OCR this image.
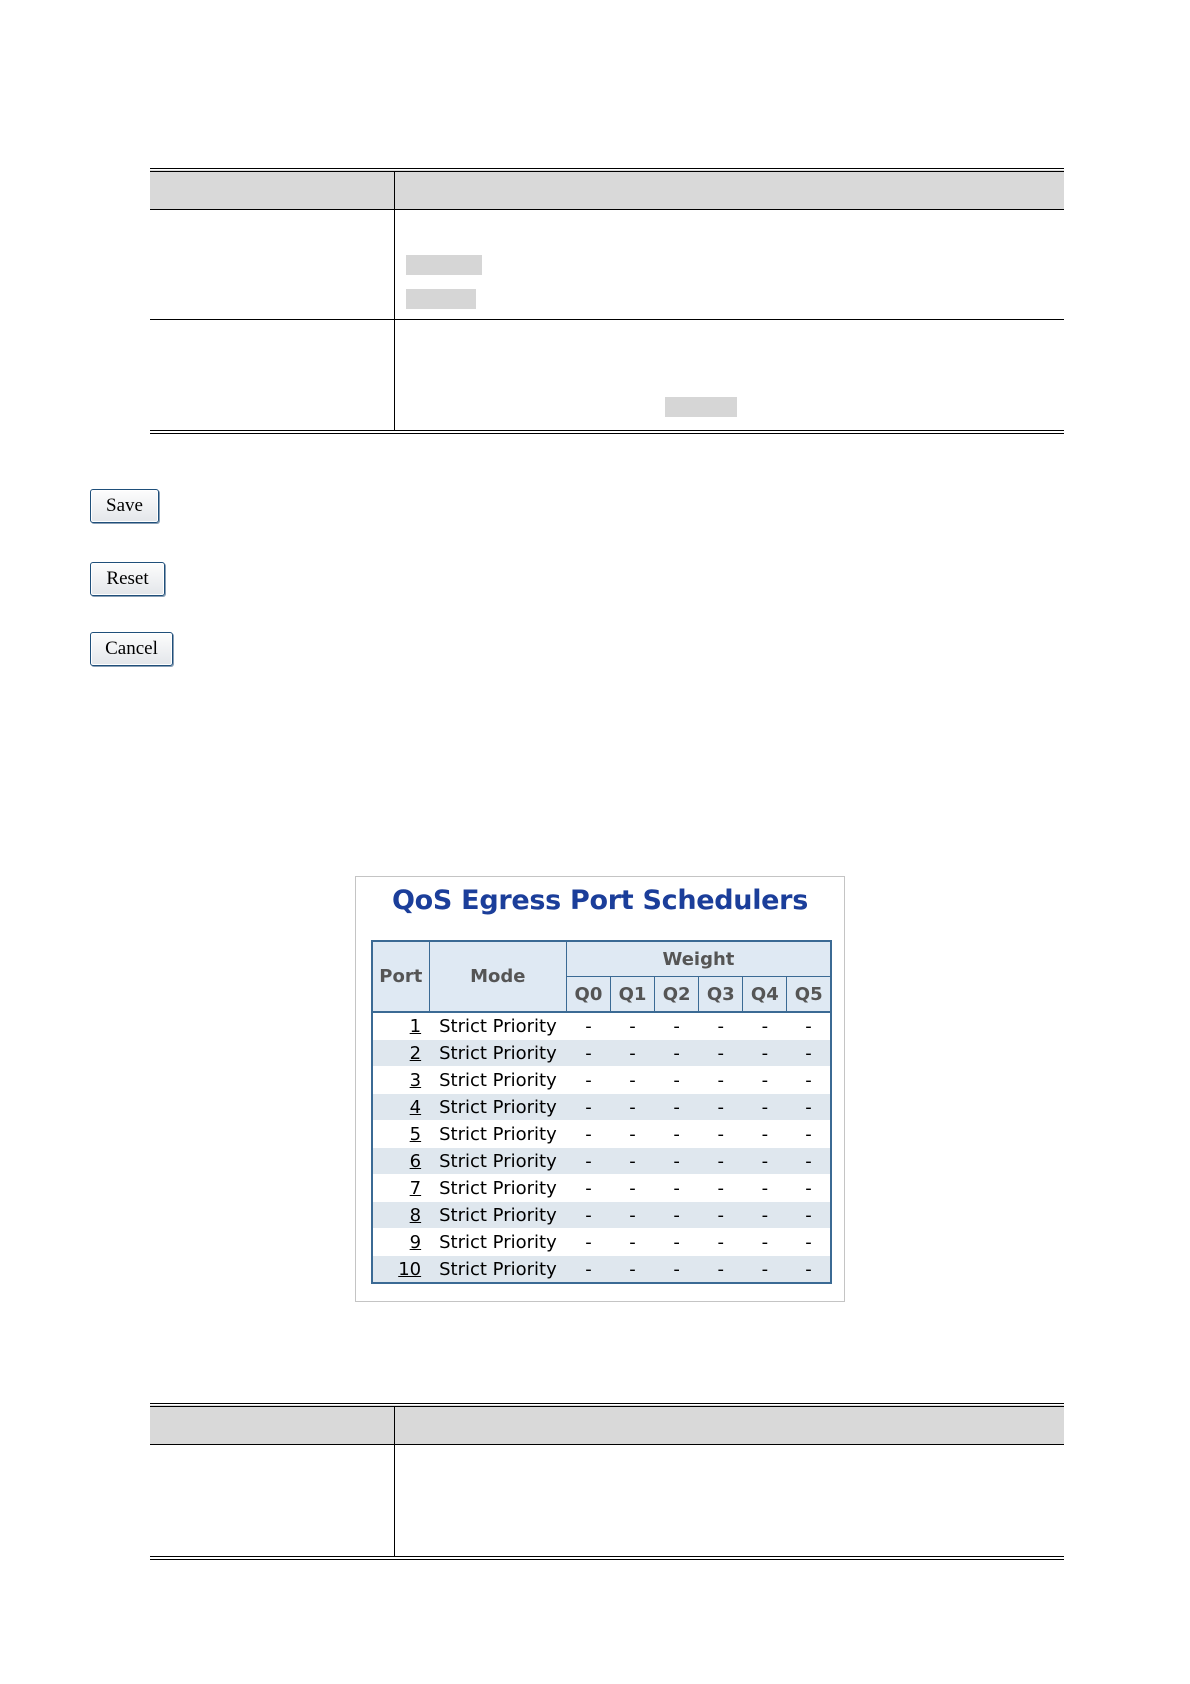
Save
Reset
Cancel
QoS Egress Port Schedulers
Port	Mode	Weight					
		Q0	Q1	Q2	Q3	Q4	Q5
1	Strict Priority	-	-	-	-	-	-
2	Strict Priority	-	-	-	-	-	-
3	Strict Priority	-	-	-	-	-	-
4	Strict Priority	-	-	-	-	-	-
5	Strict Priority	-	-	-	-	-	-
6	Strict Priority	-	-	-	-	-	-
7	Strict Priority	-	-	-	-	-	-
8	Strict Priority	-	-	-	-	-	-
9	Strict Priority	-	-	-	-	-	-
10	Strict Priority	-	-	-	-	-	-
